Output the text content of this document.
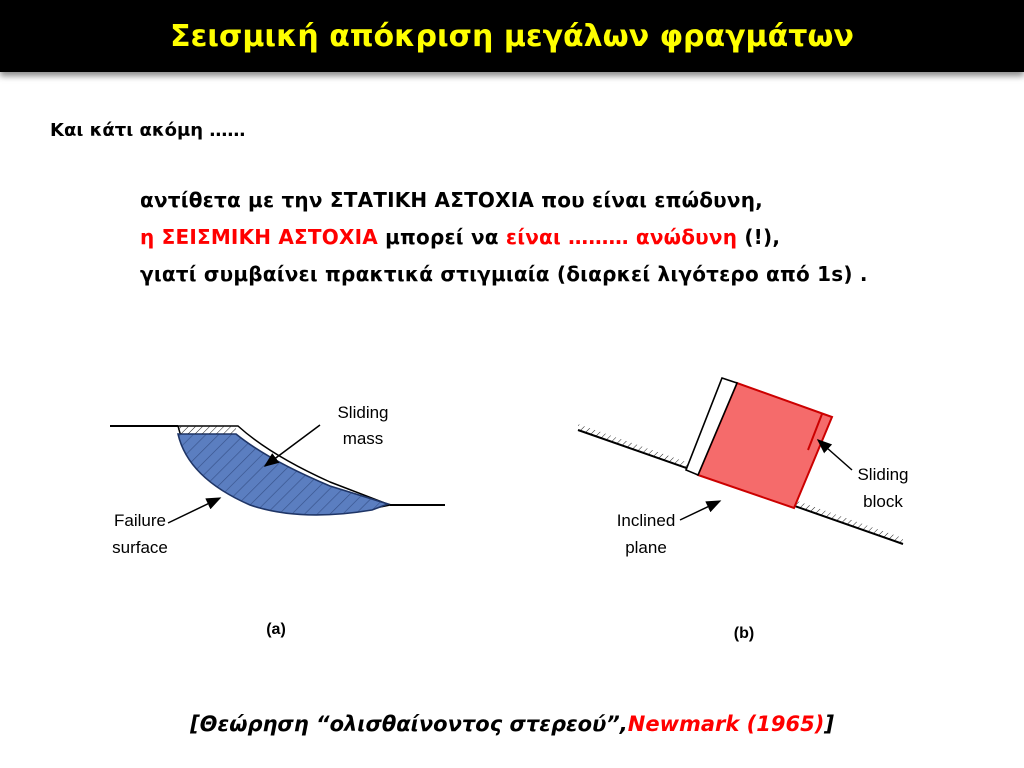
Σεισμική απόκριση μεγάλων φραγμάτων
Και κάτι ακόμη ……
αντίθετα με την ΣΤΑΤΙΚΗ ΑΣΤΟΧΙΑ που είναι επώδυνη,
η ΣΕΙΣΜΙΚΗ ΑΣΤΟΧΙΑ μπορεί να είναι ……… ανώδυνη (!),
γιατί συμβαίνει πρακτικά στιγμιαία (διαρκεί λιγότερο από 1s) .
Sliding
mass
Failure
surface
(a)
Sliding
block
Inclined
plane
(b)
[Θεώρηση “ολισθαίνοντος στερεού”,Newmark (1965)]
